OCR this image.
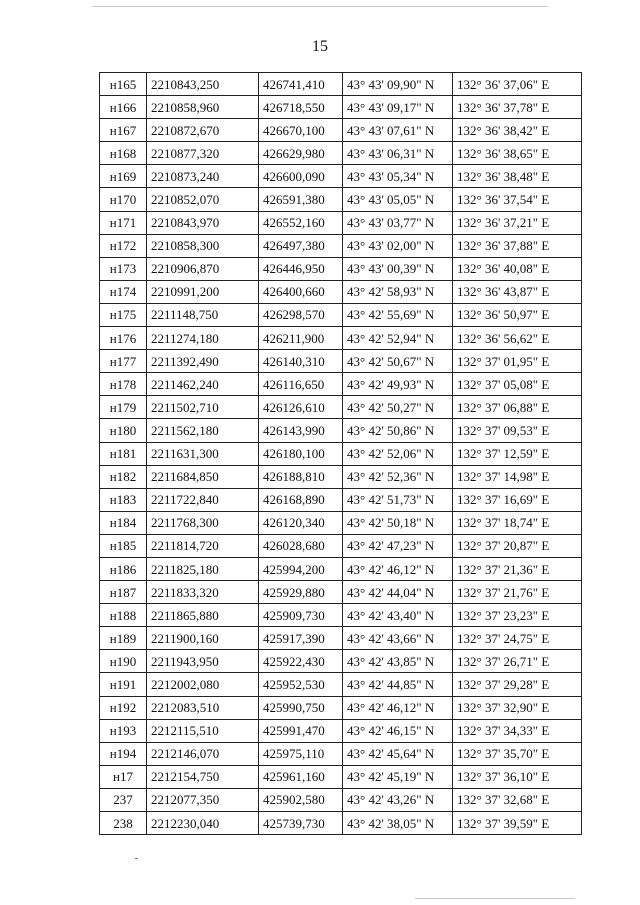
15
н165	2210843,250	426741,410	43° 43' 09,90" N	132° 36' 37,06" E
н166	2210858,960	426718,550	43° 43' 09,17" N	132° 36' 37,78" E
н167	2210872,670	426670,100	43° 43' 07,61" N	132° 36' 38,42" E
н168	2210877,320	426629,980	43° 43' 06,31" N	132° 36' 38,65" E
н169	2210873,240	426600,090	43° 43' 05,34" N	132° 36' 38,48" E
н170	2210852,070	426591,380	43° 43' 05,05" N	132° 36' 37,54" E
н171	2210843,970	426552,160	43° 43' 03,77" N	132° 36' 37,21" E
н172	2210858,300	426497,380	43° 43' 02,00" N	132° 36' 37,88" E
н173	2210906,870	426446,950	43° 43' 00,39" N	132° 36' 40,08" E
н174	2210991,200	426400,660	43° 42' 58,93" N	132° 36' 43,87" E
н175	2211148,750	426298,570	43° 42' 55,69" N	132° 36' 50,97" E
н176	2211274,180	426211,900	43° 42' 52,94" N	132° 36' 56,62" E
н177	2211392,490	426140,310	43° 42' 50,67" N	132° 37' 01,95" E
н178	2211462,240	426116,650	43° 42' 49,93" N	132° 37' 05,08" E
н179	2211502,710	426126,610	43° 42' 50,27" N	132° 37' 06,88" E
н180	2211562,180	426143,990	43° 42' 50,86" N	132° 37' 09,53" E
н181	2211631,300	426180,100	43° 42' 52,06" N	132° 37' 12,59" E
н182	2211684,850	426188,810	43° 42' 52,36" N	132° 37' 14,98" E
н183	2211722,840	426168,890	43° 42' 51,73" N	132° 37' 16,69" E
н184	2211768,300	426120,340	43° 42' 50,18" N	132° 37' 18,74" E
н185	2211814,720	426028,680	43° 42' 47,23" N	132° 37' 20,87" E
н186	2211825,180	425994,200	43° 42' 46,12" N	132° 37' 21,36" E
н187	2211833,320	425929,880	43° 42' 44,04" N	132° 37' 21,76" E
н188	2211865,880	425909,730	43° 42' 43,40" N	132° 37' 23,23" E
н189	2211900,160	425917,390	43° 42' 43,66" N	132° 37' 24,75" E
н190	2211943,950	425922,430	43° 42' 43,85" N	132° 37' 26,71" E
н191	2212002,080	425952,530	43° 42' 44,85" N	132° 37' 29,28" E
н192	2212083,510	425990,750	43° 42' 46,12" N	132° 37' 32,90" E
н193	2212115,510	425991,470	43° 42' 46,15" N	132° 37' 34,33" E
н194	2212146,070	425975,110	43° 42' 45,64" N	132° 37' 35,70" E
н17	2212154,750	425961,160	43° 42' 45,19" N	132° 37' 36,10" E
237	2212077,350	425902,580	43° 42' 43,26" N	132° 37' 32,68" E
238	2212230,040	425739,730	43° 42' 38,05" N	132° 37' 39,59" E
